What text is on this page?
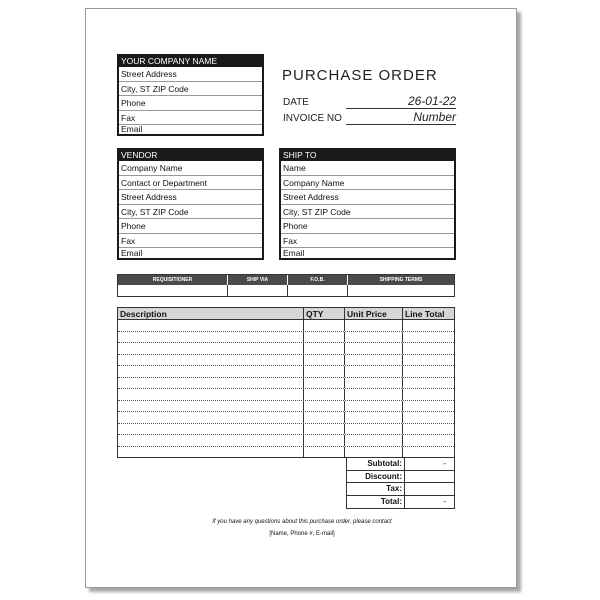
YOUR COMPANY NAME
Street Address
City, ST ZIP Code
Phone
Fax
Email
PURCHASE ORDER
DATE	26-01-22
INVOICE NO	Number
VENDOR
Company Name
Contact or Department
Street Address
City, ST ZIP Code
Phone
Fax
Email
SHIP TO
Name
Company Name
Street Address
City, ST ZIP Code
Phone
Fax
Email
REQUISITIONER	SHIP VIA	F.O.B.	SHIPPING TERMS
Description	QTY	Unit Price	Line Total
Subtotal:	-
Discount:
Tax:
Total:	-
If you have any questions about this purchase order, please contact
[Name, Phone #, E-mail]
